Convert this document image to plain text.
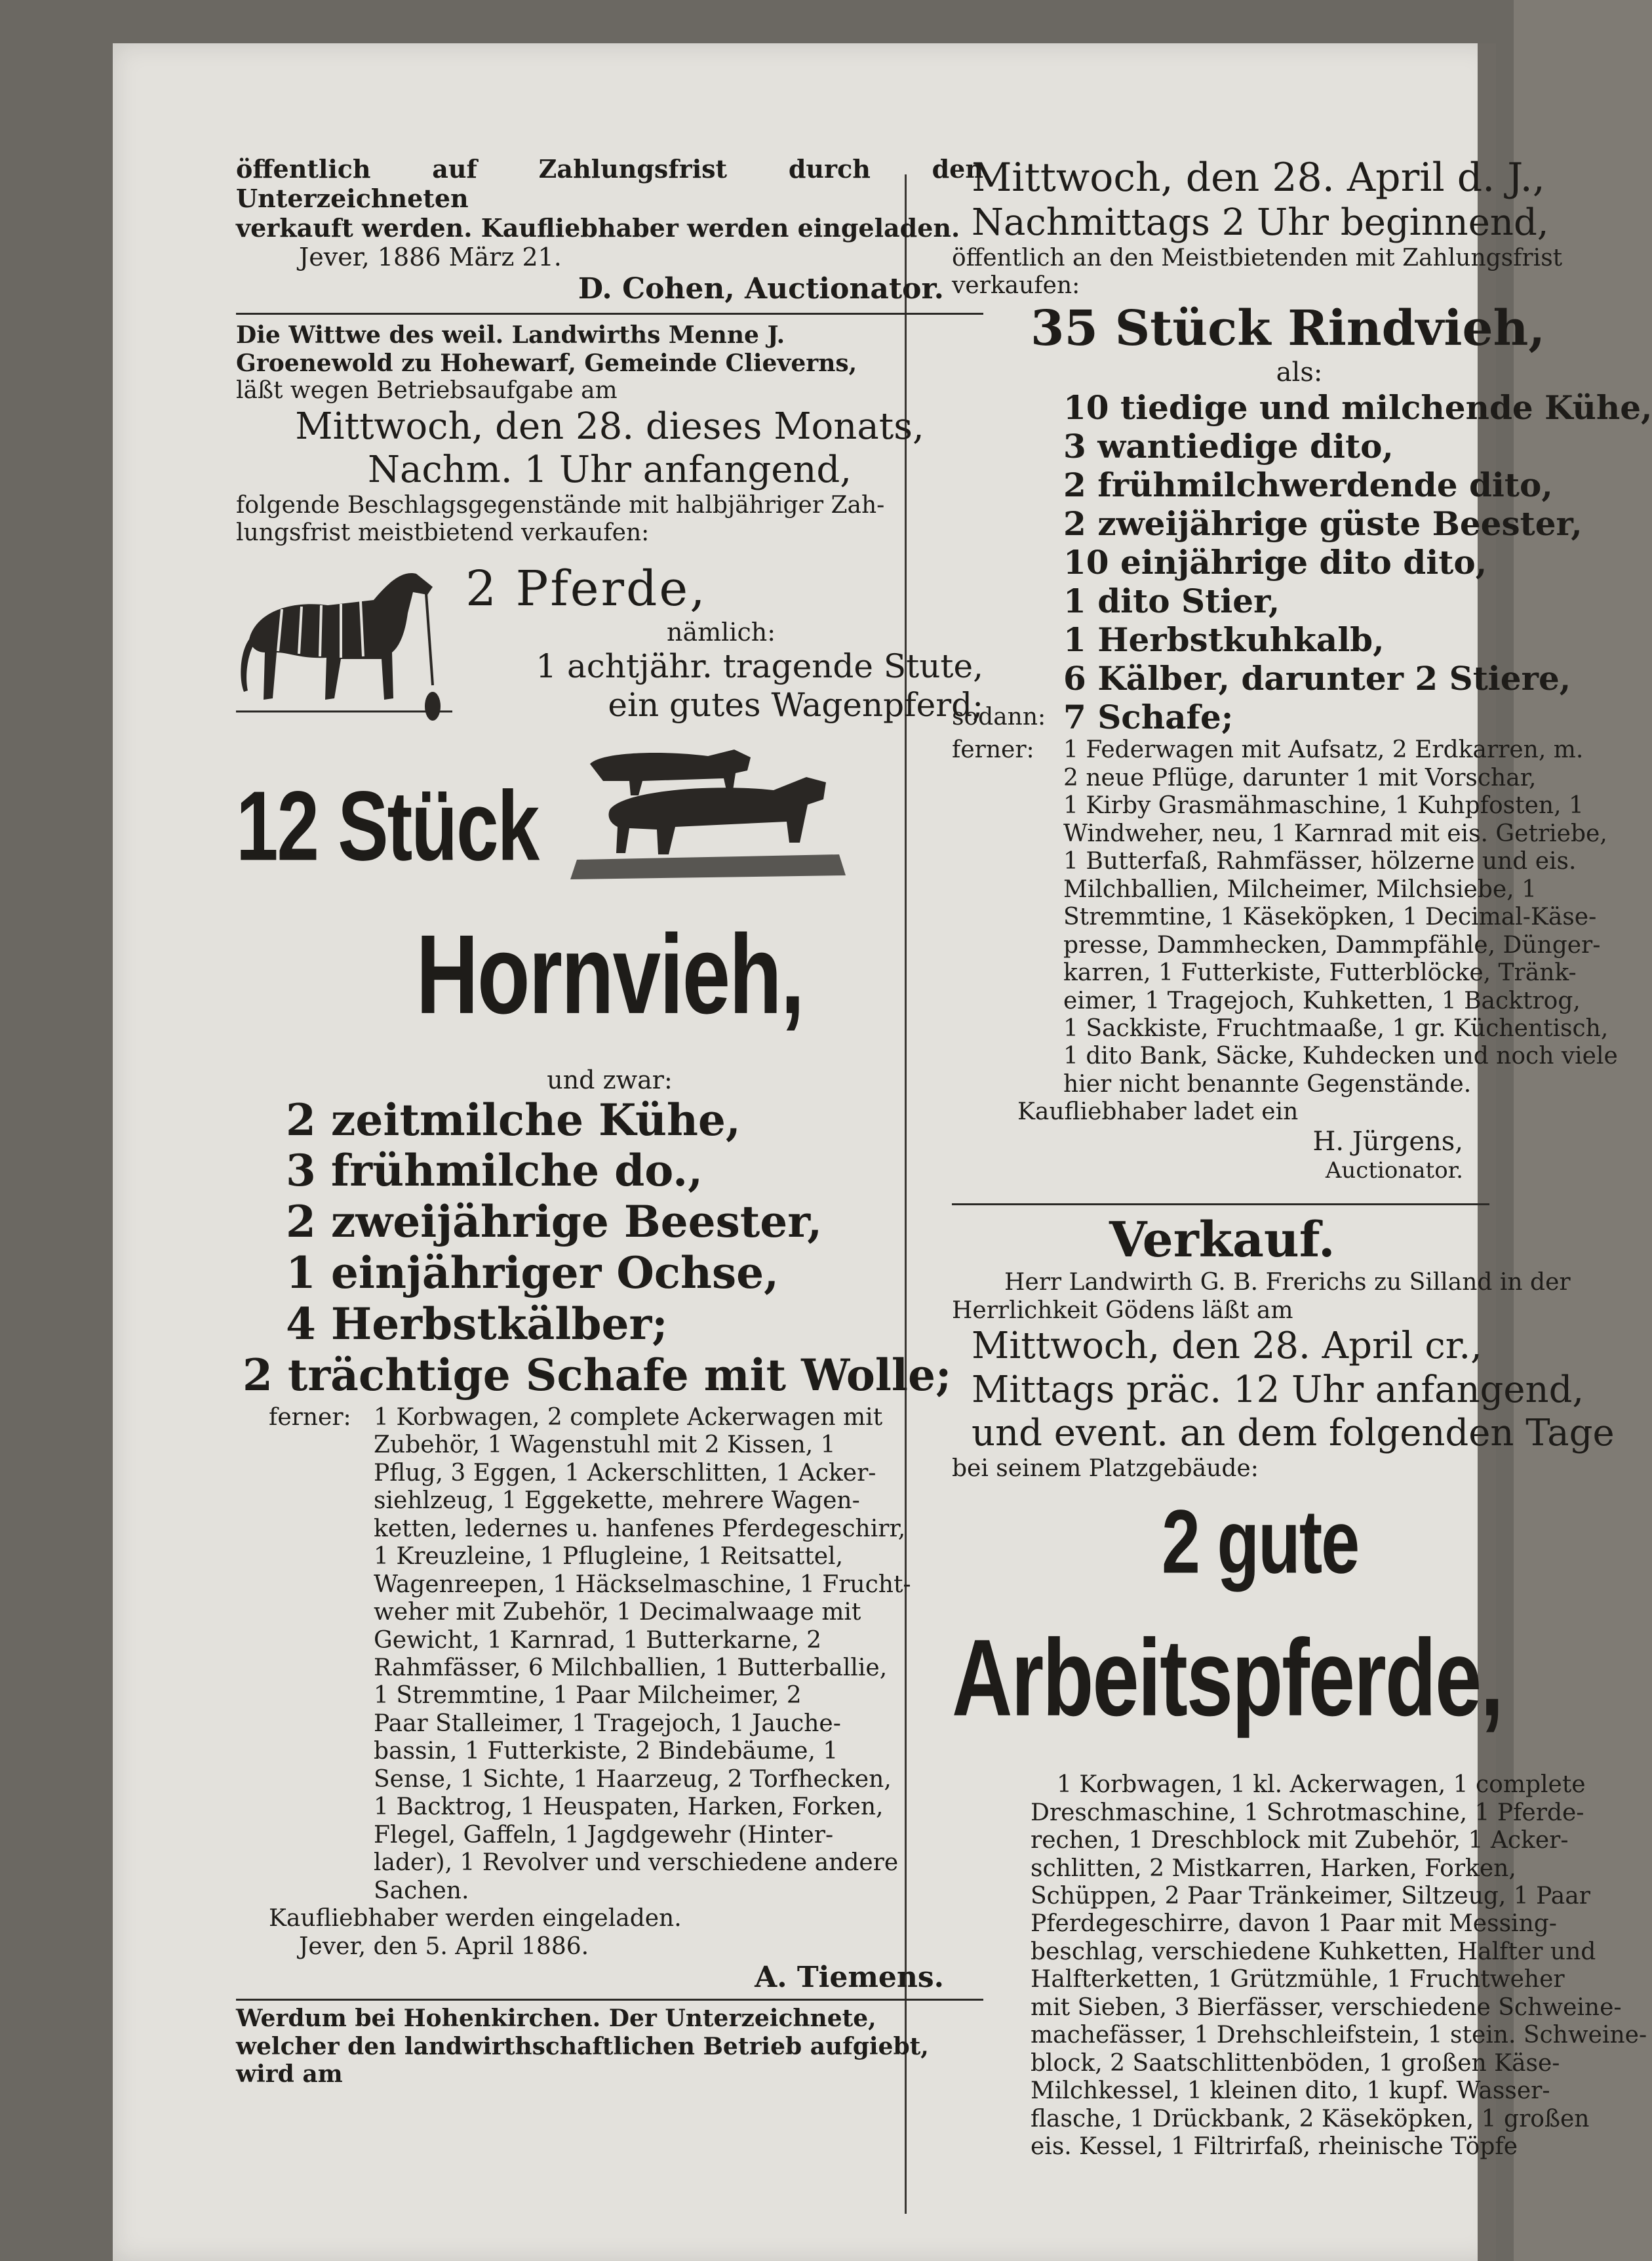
öffentlich auf Zahlungsfrist durch den Unterzeichneten

verkauft werden. Kaufliebhaber werden eingeladen.

Jever, 1886 März 21.

D. Cohen, Auctionator.

Die Wittwe des weil. Landwirths Menne J.

Groenewold zu Hohewarf, Gemeinde Clieverns,

läßt wegen Betriebsaufgabe am

Mittwoch, den 28. dieses Monats,

Nachm. 1 Uhr anfangend,

folgende Beschlagsgegenstände mit halbjähriger Zah-

lungsfrist meistbietend verkaufen:

2 Pferde,

nämlich:

1 achtjähr. tragende Stute,

ein gutes Wagenpferd;

12 Stück

Hornvieh,

und zwar:

2 zeitmilche Kühe,

3 frühmilche do.,

2 zweijährige Beester,

1 einjähriger Ochse,

4 Herbstkälber;

2 trächtige Schafe mit Wolle;

ferner: 1 Korbwagen, 2 complete Ackerwagen mit

Zubehör, 1 Wagenstuhl mit 2 Kissen, 1

Pflug, 3 Eggen, 1 Ackerschlitten, 1 Acker-

siehlzeug, 1 Eggekette, mehrere Wagen-

ketten, ledernes u. hanfenes Pferdegeschirr,

1 Kreuzleine, 1 Pflugleine, 1 Reitsattel,

Wagenreepen, 1 Häckselmaschine, 1 Frucht-

weher mit Zubehör, 1 Decimalwaage mit

Gewicht, 1 Karnrad, 1 Butterkarne, 2

Rahmfässer, 6 Milchballien, 1 Butterballie,

1 Stremmtine, 1 Paar Milcheimer, 2

Paar Stalleimer, 1 Tragejoch, 1 Jauche-

bassin, 1 Futterkiste, 2 Bindebäume, 1

Sense, 1 Sichte, 1 Haarzeug, 2 Torfhecken,

1 Backtrog, 1 Heuspaten, Harken, Forken,

Flegel, Gaffeln, 1 Jagdgewehr (Hinter-

lader), 1 Revolver und verschiedene andere

Sachen.

Kaufliebhaber werden eingeladen.

Jever, den 5. April 1886.

A. Tiemens.

Werdum bei Hohenkirchen. Der Unterzeichnete,

welcher den landwirthschaftlichen Betrieb aufgiebt,

wird am

Mittwoch, den 28. April d. J.,

Nachmittags 2 Uhr beginnend,

öffentlich an den Meistbietenden mit Zahlungsfrist

verkaufen:

35 Stück Rindvieh,

als:

10 tiedige und milchende Kühe,

3 wantiedige dito,

2 frühmilchwerdende dito,

2 zweijährige güste Beester,

10 einjährige dito dito,

1 dito Stier,

1 Herbstkuhkalb,

6 Kälber, darunter 2 Stiere,

sodann: 7 Schafe;
ferner:	1 Federwagen mit Aufsatz, 2 Erdkarren, m.

2 neue Pflüge, darunter 1 mit Vorschar,

1 Kirby Grasmähmaschine, 1 Kuhpfosten, 1

Windweher, neu, 1 Karnrad mit eis. Getriebe,

1 Butterfaß, Rahmfässer, hölzerne und eis.

Milchballien, Milcheimer, Milchsiebe, 1

Stremmtine, 1 Käseköpken, 1 Decimal-Käse-

presse, Dammhecken, Dammpfähle, Dünger-

karren, 1 Futterkiste, Futterblöcke, Tränk-

eimer, 1 Tragejoch, Kuhketten, 1 Backtrog,

1 Sackkiste, Fruchtmaaße, 1 gr. Küchentisch,

1 dito Bank, Säcke, Kuhdecken und noch viele

hier nicht benannte Gegenstände.

Kaufliebhaber ladet ein

H. Jürgens,

Auctionator.

Verkauf.

Herr Landwirth G. B. Frerichs zu Silland in der

Herrlichkeit Gödens läßt am

Mittwoch, den 28. April cr.,

Mittags präc. 12 Uhr anfangend,

und event. an dem folgenden Tage

bei seinem Platzgebäude:

2 gute

Arbeitspferde,

1 Korbwagen, 1 kl. Ackerwagen, 1 complete

Dreschmaschine, 1 Schrotmaschine, 1 Pferde-

rechen, 1 Dreschblock mit Zubehör, 1 Acker-

schlitten, 2 Mistkarren, Harken, Forken,

Schüppen, 2 Paar Tränkeimer, Siltzeug, 1 Paar

Pferdegeschirre, davon 1 Paar mit Messing-

beschlag, verschiedene Kuhketten, Halfter und

Halfterketten, 1 Grützmühle, 1 Fruchtweher

mit Sieben, 3 Bierfässer, verschiedene Schweine-

machefässer, 1 Drehschleifstein, 1 stein. Schweine-

block, 2 Saatschlittenböden, 1 großen Käse-

Milchkessel, 1 kleinen dito, 1 kupf. Wasser-

flasche, 1 Drückbank, 2 Käseköpken, 1 großen

eis. Kessel, 1 Filtrirfaß, rheinische Töpfe
